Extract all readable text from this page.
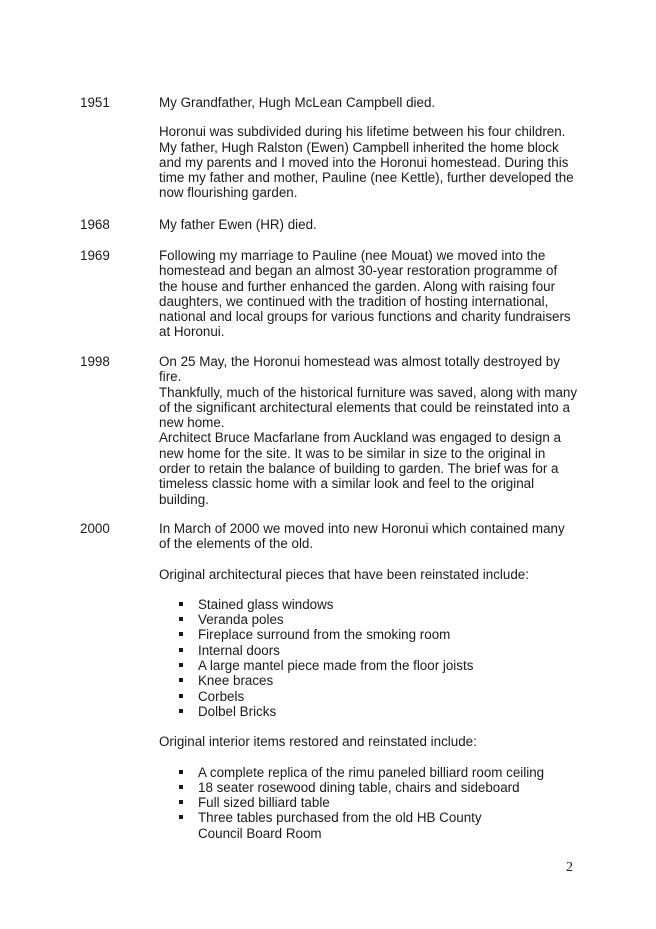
1951	My Grandfather, Hugh McLean Campbell died.

Horonui was subdivided during his lifetime between his four children. My father, Hugh Ralston (Ewen) Campbell inherited the home block and my parents and I moved into the Horonui homestead. During this time my father and mother, Pauline (nee Kettle), further developed the now flourishing garden.

1968	My father Ewen (HR) died.

1969	Following my marriage to Pauline (nee Mouat) we moved into the homestead and began an almost 30-year restoration programme of the house and further enhanced the garden. Along with raising four daughters, we continued with the tradition of hosting international, national and local groups for various functions and charity fundraisers at Horonui.

1998	On 25 May, the Horonui homestead was almost totally destroyed by fire.

Thankfully, much of the historical furniture was saved, along with many of the significant architectural elements that could be reinstated into a new home.

Architect Bruce Macfarlane from Auckland was engaged to design a new home for the site. It was to be similar in size to the original in order to retain the balance of building to garden. The brief was for a timeless classic home with a similar look and feel to the original building.

2000	In March of 2000 we moved into new Horonui which contained many of the elements of the old.

Original architectural pieces that have been reinstated include:

Stained glass windows
Veranda poles
Fireplace surround from the smoking room
Internal doors
A large mantel piece made from the floor joists
Knee braces
Corbels
Dolbel Bricks

Original interior items restored and reinstated include:

A complete replica of the rimu paneled billiard room ceiling
18 seater rosewood dining table, chairs and sideboard
Full sized billiard table
Three tables purchased from the old HB County Council Board Room
2
